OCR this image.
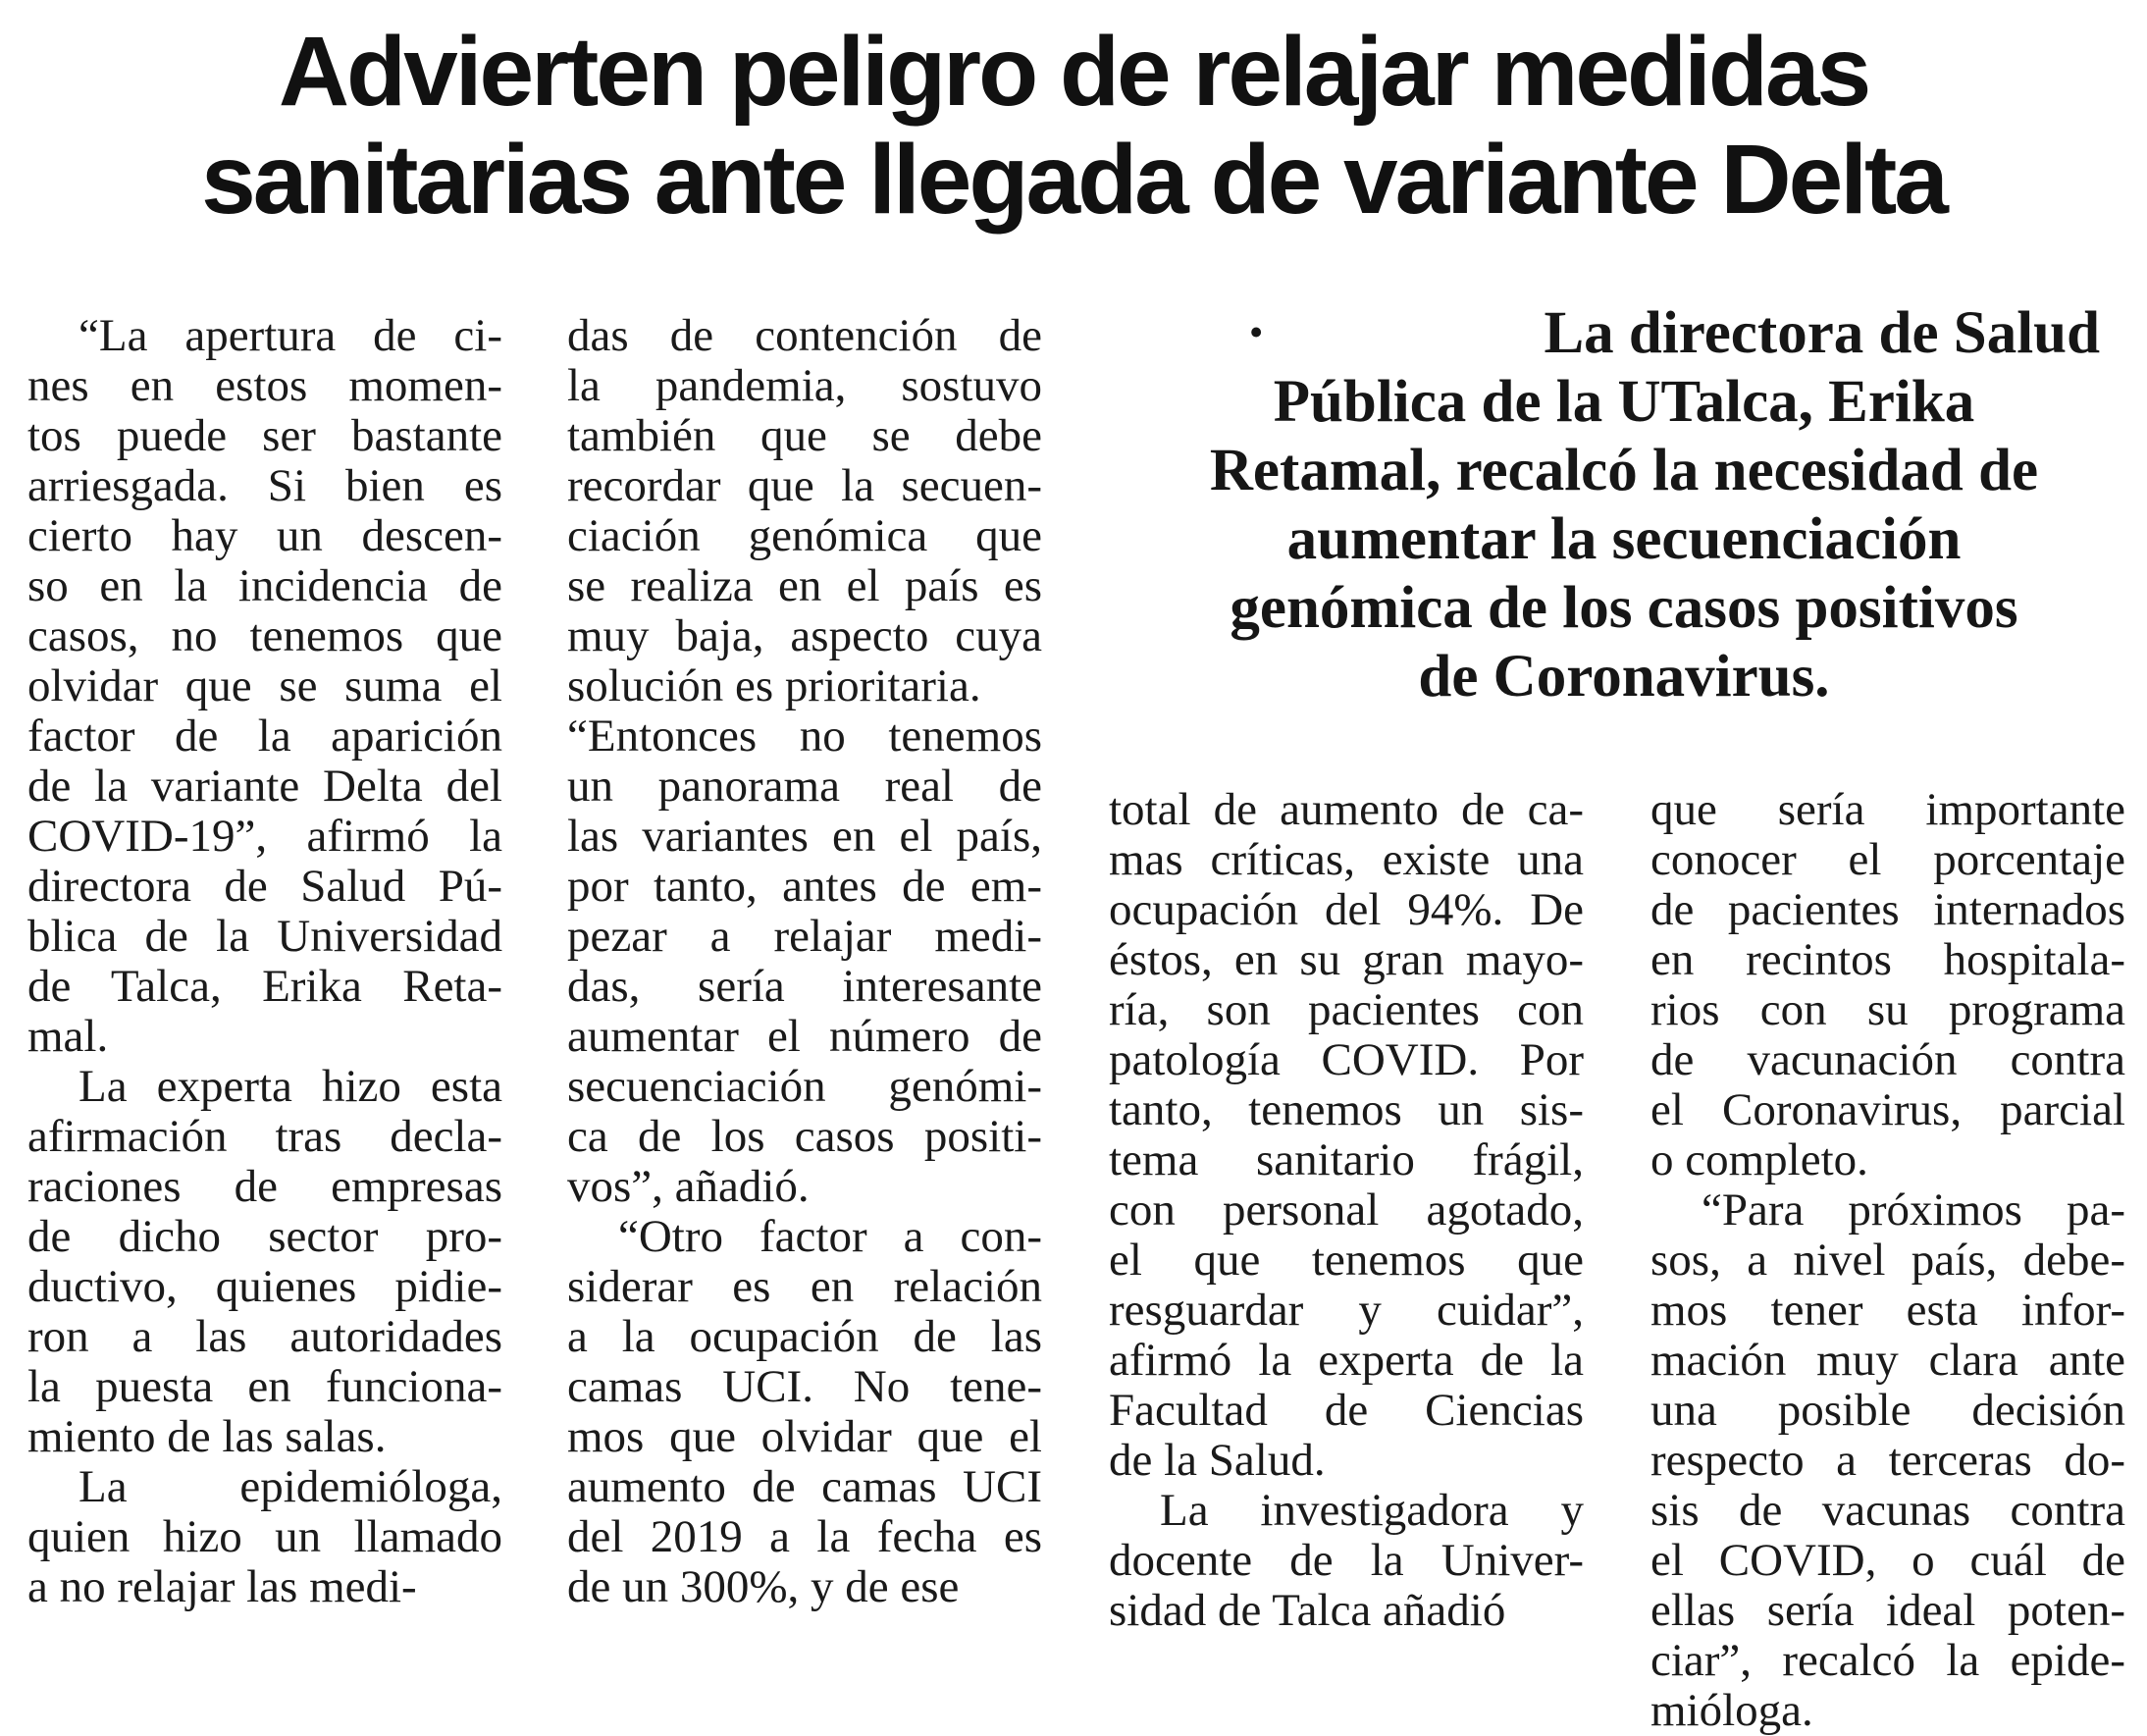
Advierten peligro de relajar medidas
sanitarias ante llegada de variante Delta
“La apertura de ci-
nes en estos momen-
tos puede ser bastante
arriesgada. Si bien es
cierto hay un descen-
so en la incidencia de
casos, no tenemos que
olvidar que se suma el
factor de la aparición
de la variante Delta del
COVID-19”, afirmó la
directora de Salud Pú-
blica de la Universidad
de Talca, Erika Reta-
mal.
La experta hizo esta
afirmación tras decla-
raciones de empresas
de dicho sector pro-
ductivo, quienes pidie-
ron a las autoridades
la puesta en funciona-
miento de las salas.
La epidemióloga,
quien hizo un llamado
a no relajar las medi-
das de contención de
la pandemia, sostuvo
también que se debe
recordar que la secuen-
ciación genómica que
se realiza en el país es
muy baja, aspecto cuya
solución es prioritaria.
“Entonces no tenemos
un panorama real de
las variantes en el país,
por tanto, antes de em-
pezar a relajar medi-
das, sería interesante
aumentar el número de
secuenciación genómi-
ca de los casos positi-
vos”, añadió.
“Otro factor a con-
siderar es en relación
a la ocupación de las
camas UCI. No tene-
mos que olvidar que el
aumento de camas UCI
del 2019 a la fecha es
de un 300%, y de ese
·	La directora de Salud
Pública de la UTalca, Erika
Retamal, recalcó la necesidad de
aumentar la secuenciación
genómica de los casos positivos
de Coronavirus.
total de aumento de ca-
mas críticas, existe una
ocupación del 94%. De
éstos, en su gran mayo-
ría, son pacientes con
patología COVID. Por
tanto, tenemos un sis-
tema sanitario frágil,
con personal agotado,
el que tenemos que
resguardar y cuidar”,
afirmó la experta de la
Facultad de Ciencias
de la Salud.
La investigadora y
docente de la Univer-
sidad de Talca añadió
que sería importante
conocer el porcentaje
de pacientes internados
en recintos hospitala-
rios con su programa
de vacunación contra
el Coronavirus, parcial
o completo.
“Para próximos pa-
sos, a nivel país, debe-
mos tener esta infor-
mación muy clara ante
una posible decisión
respecto a terceras do-
sis de vacunas contra
el COVID, o cuál de
ellas sería ideal poten-
ciar”, recalcó la epide-
mióloga.
